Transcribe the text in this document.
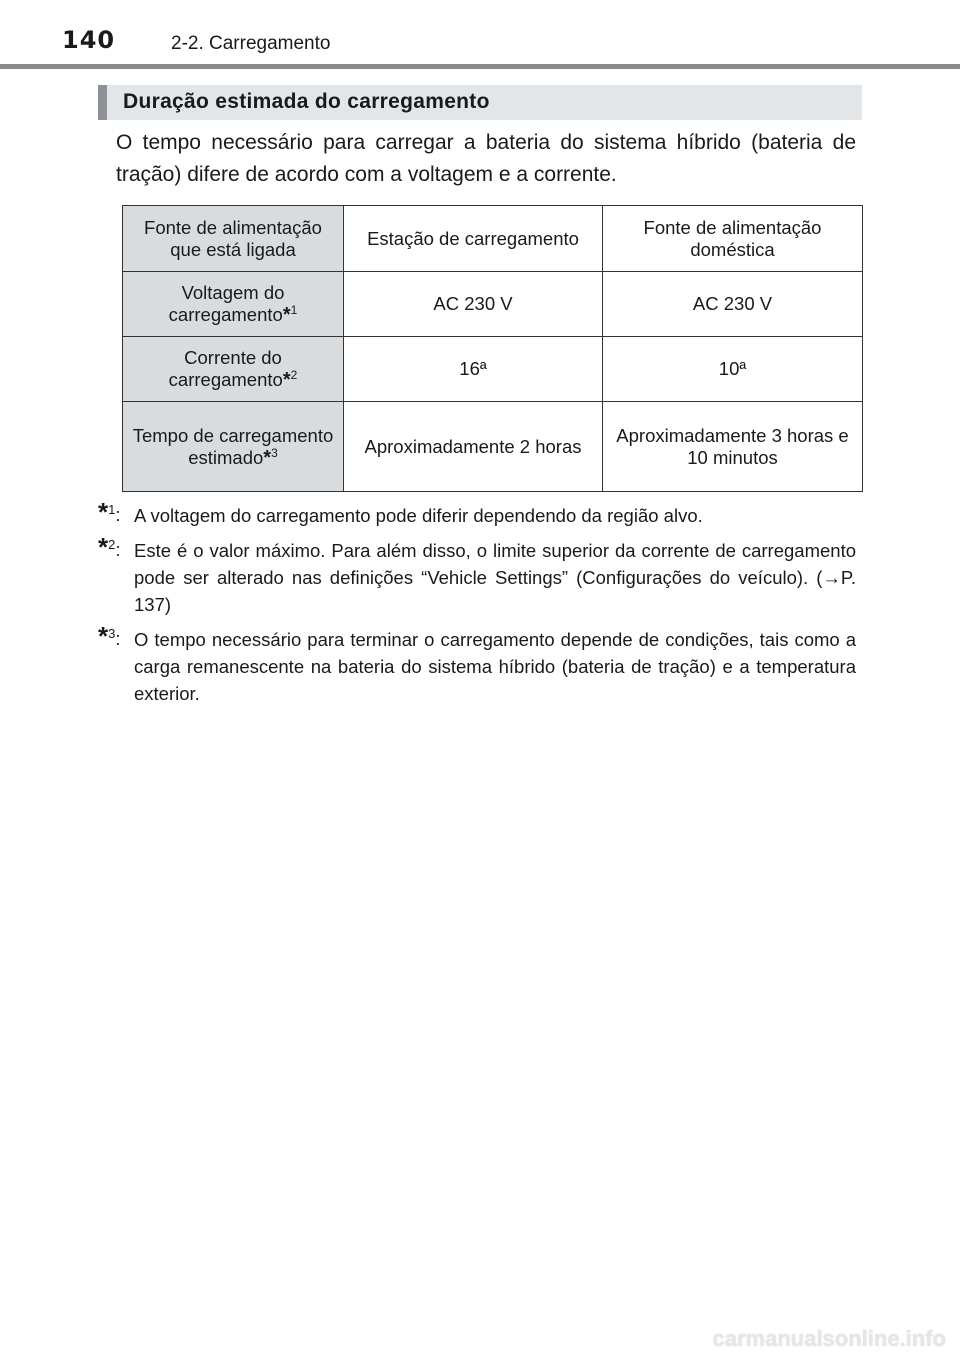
140	2-2. Carregamento
Duração estimada do carregamento
O tempo necessário para carregar a bateria do sistema híbrido (bateria de tração) difere de acordo com a voltagem e a corrente.
Fonte de alimentação que está ligada	Estação de carregamento	Fonte de alimentação doméstica
Voltagem do carregamento*$^1$	AC 230 V	AC 230 V
Corrente do carregamento*$^2$	16ª	10ª
Tempo de carregamento estimado*$^3$	Aproximadamente 2 horas	Aproximadamente 3 horas e 10 minutos
*$^1$: A voltagem do carregamento pode diferir dependendo da região alvo.
*$^2$: Este é o valor máximo. Para além disso, o limite superior da corrente de carregamento pode ser alterado nas definições “Vehicle Settings” (Configurações do veículo). (→P. 137)
*$^3$: O tempo necessário para terminar o carregamento depende de condições, tais como a carga remanescente na bateria do sistema híbrido (bateria de tração) e a temperatura exterior.
carmanualsonline.info
